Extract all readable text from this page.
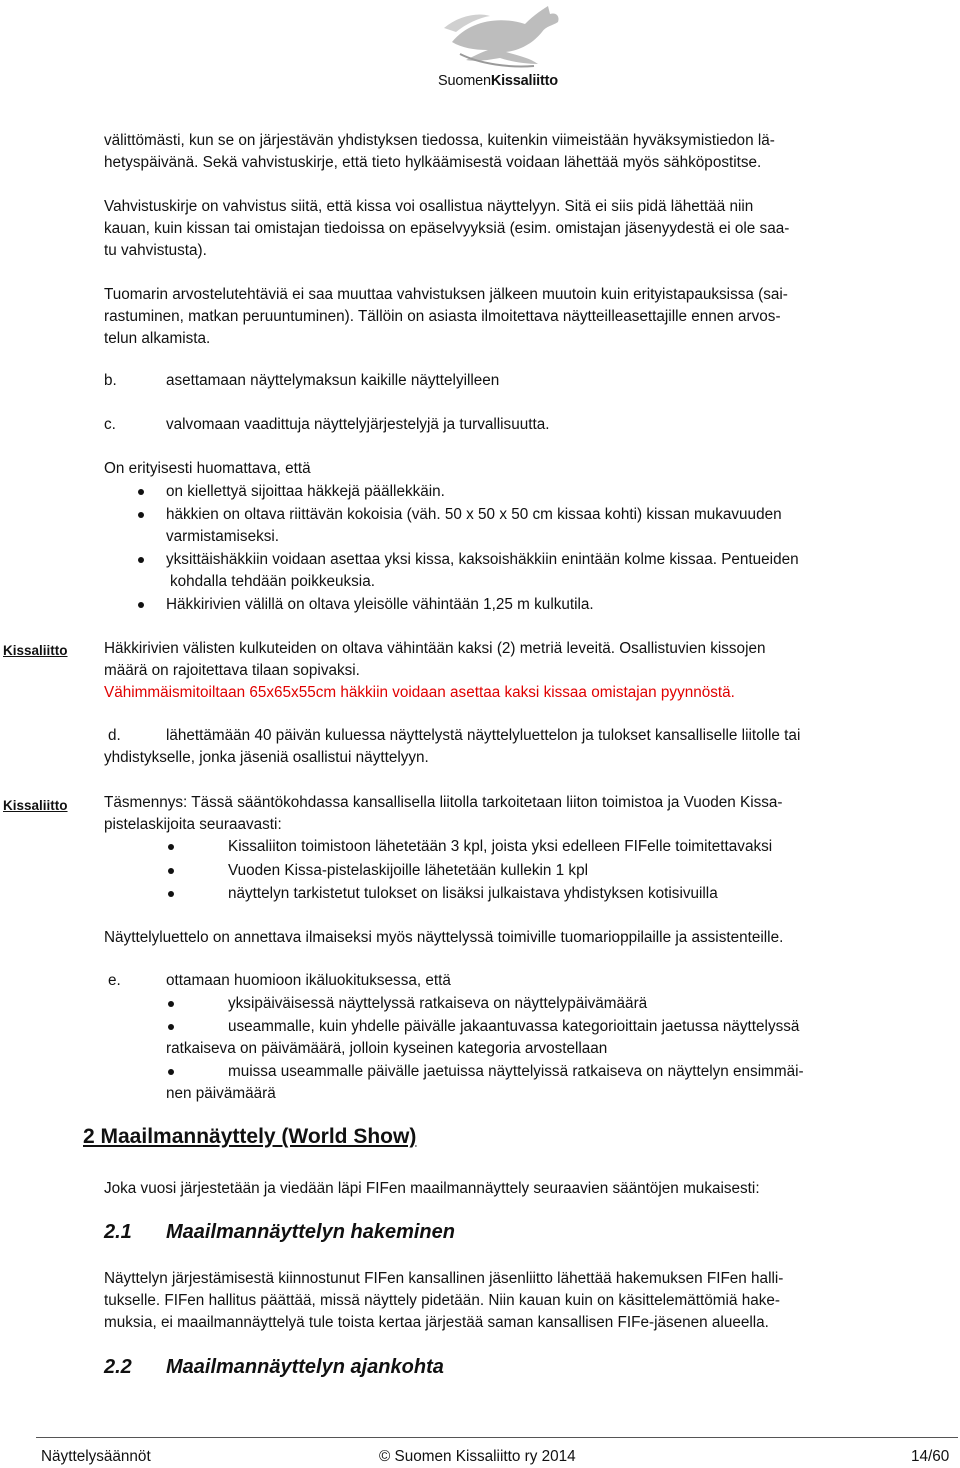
SuomenKissaliitto
välittömästi, kun se on järjestävän yhdistyksen tiedossa, kuitenkin viimeistään hyväksymistiedon lä-
hetyspäivänä. Sekä vahvistuskirje, että tieto hylkäämisestä voidaan lähettää myös sähköpostitse.
Vahvistuskirje on vahvistus siitä, että kissa voi osallistua näyttelyyn. Sitä ei siis pidä lähettää niin
kauan, kuin kissan tai omistajan tiedoissa on epäselvyyksiä (esim. omistajan jäsenyydestä ei ole saa-
tu vahvistusta).
Tuomarin arvostelutehtäviä ei saa muuttaa vahvistuksen jälkeen muutoin kuin erityistapauksissa (sai-
rastuminen, matkan peruuntuminen). Tällöin on asiasta ilmoitettava näytteilleasettajille ennen arvos-
telun alkamista.
b.	asettamaan näyttelymaksun kaikille näyttelyilleen
c.	valvomaan vaadittuja näyttelyjärjestelyjä ja turvallisuutta.
On erityisesti huomattava, että
on kiellettyä sijoittaa häkkejä päällekkäin.
häkkien on oltava riittävän kokoisia (väh. 50 x 50 x 50 cm kissaa kohti) kissan mukavuuden
varmistamiseksi.
yksittäishäkkiin voidaan asettaa yksi kissa, kaksoishäkkiin enintään kolme kissaa. Pentueiden
kohdalla tehdään poikkeuksia.
Häkkirivien välillä on oltava yleisölle vähintään 1,25 m kulkutila.
Kissaliitto Häkkirivien välisten kulkuteiden on oltava vähintään kaksi (2) metriä leveitä. Osallistuvien kissojen
määrä on rajoitettava tilaan sopivaksi.
Vähimmäismitoiltaan 65x65x55cm häkkiin voidaan asettaa kaksi kissaa omistajan pyynnöstä.
d.	lähettämään 40 päivän kuluessa näyttelystä näyttelyluettelon ja tulokset kansalliselle liitolle tai
yhdistykselle, jonka jäseniä osallistui näyttelyyn.
Kissaliitto Täsmennys: Tässä sääntökohdassa kansallisella liitolla tarkoitetaan liiton toimistoa ja Vuoden Kissa-
pistelaskijoita seuraavasti:
Kissaliiton toimistoon lähetetään 3 kpl, joista yksi edelleen FIFelle toimitettavaksi
Vuoden Kissa-pistelaskijoille lähetetään kullekin 1 kpl
näyttelyn tarkistetut tulokset on lisäksi julkaistava yhdistyksen kotisivuilla
Näyttelyluettelo on annettava ilmaiseksi myös näyttelyssä toimiville tuomarioppilaille ja assistenteille.
e.	ottamaan huomioon ikäluokituksessa, että
yksipäiväisessä näyttelyssä ratkaiseva on näyttelypäivämäärä
useammalle, kuin yhdelle päivälle jakaantuvassa kategorioittain jaetussa näyttelyssä
ratkaiseva on päivämäärä, jolloin kyseinen kategoria arvostellaan
muissa useammalle päivälle jaetuissa näyttelyissä ratkaiseva on näyttelyn ensimmäi-
nen päivämäärä
2 Maailmannäyttely (World Show)
Joka vuosi järjestetään ja viedään läpi FIFen maailmannäyttely seuraavien sääntöjen mukaisesti:
2.1 Maailmannäyttelyn hakeminen
Näyttelyn järjestämisestä kiinnostunut FIFen kansallinen jäsenliitto lähettää hakemuksen FIFen halli-
tukselle. FIFen hallitus päättää, missä näyttely pidetään. Niin kauan kuin on käsittelemättömiä hake-
muksia, ei maailmannäyttelyä tule toista kertaa järjestää saman kansallisen FIFe-jäsenen alueella.
2.2 Maailmannäyttelyn ajankohta
Näyttelysäännöt	© Suomen Kissaliitto ry 2014	14/60
